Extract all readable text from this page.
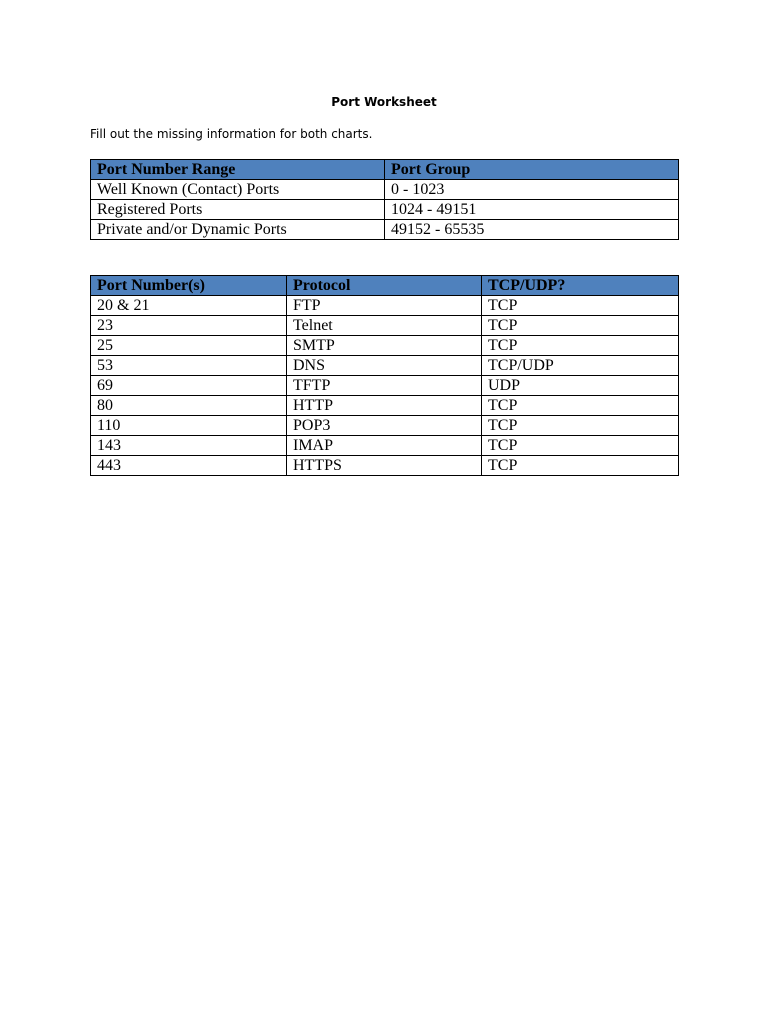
Port Worksheet
Fill out the missing information for both charts.
Port Number Range	Port Group
Well Known (Contact) Ports	0 - 1023
Registered Ports	1024 - 49151
Private and/or Dynamic Ports	49152 - 65535
Port Number(s)	Protocol	TCP/UDP?
20 & 21	FTP	TCP
23	Telnet	TCP
25	SMTP	TCP
53	DNS	TCP/UDP
69	TFTP	UDP
80	HTTP	TCP
110	POP3	TCP
143	IMAP	TCP
443	HTTPS	TCP
